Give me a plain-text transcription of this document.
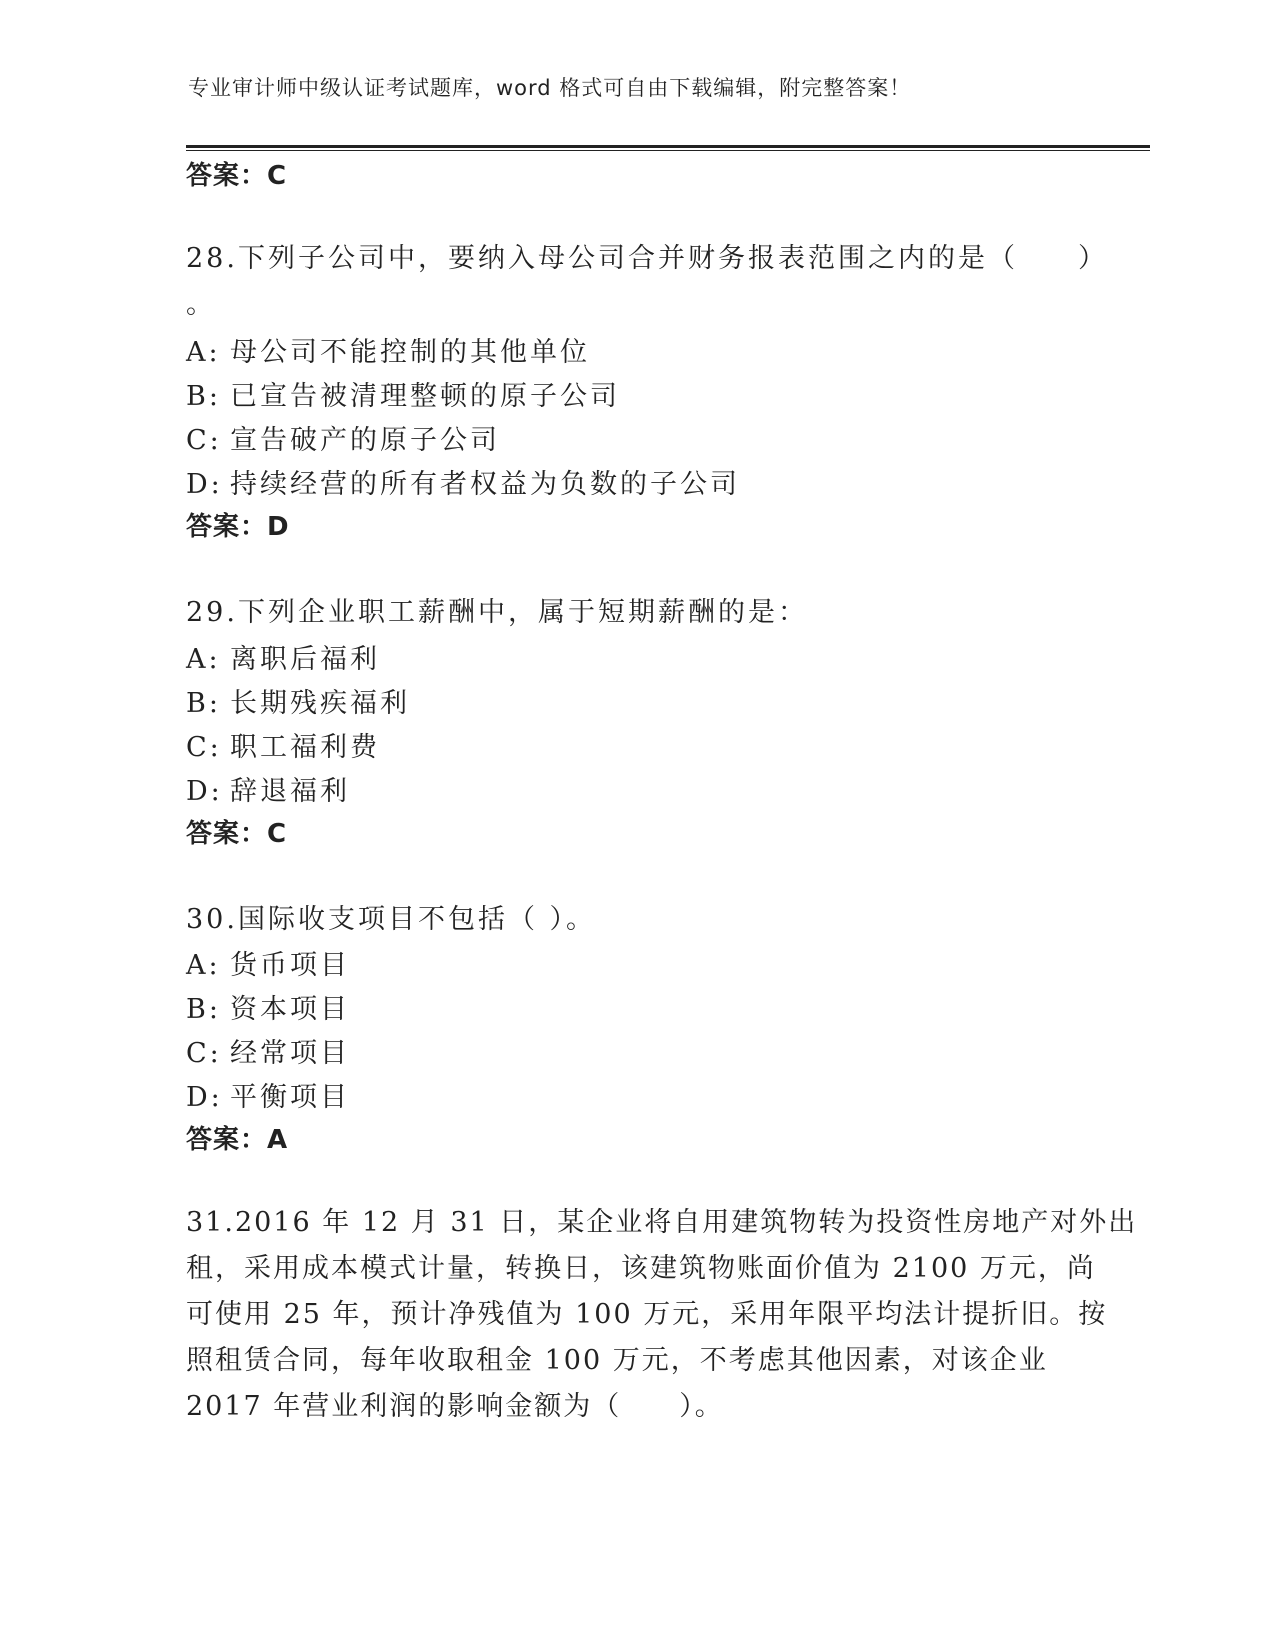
专业审计师中级认证考试题库，word 格式可自由下载编辑，附完整答案！
答案：C
28.下列子公司中，要纳入母公司合并财务报表范围之内的是（　　）
。
A: 母公司不能控制的其他单位
B: 已宣告被清理整顿的原子公司
C: 宣告破产的原子公司
D: 持续经营的所有者权益为负数的子公司
答案：D
29.下列企业职工薪酬中，属于短期薪酬的是：
A: 离职后福利
B: 长期残疾福利
C: 职工福利费
D: 辞退福利
答案：C
30.国际收支项目不包括（ ）。
A: 货币项目
B: 资本项目
C: 经常项目
D: 平衡项目
答案：A
31.2016 年 12 月 31 日，某企业将自用建筑物转为投资性房地产对外出
租，采用成本模式计量，转换日，该建筑物账面价值为 2100 万元，尚
可使用 25 年，预计净残值为 100 万元，采用年限平均法计提折旧。按
照租赁合同，每年收取租金 100 万元，不考虑其他因素，对该企业
2017 年营业利润的影响金额为（　　）。
